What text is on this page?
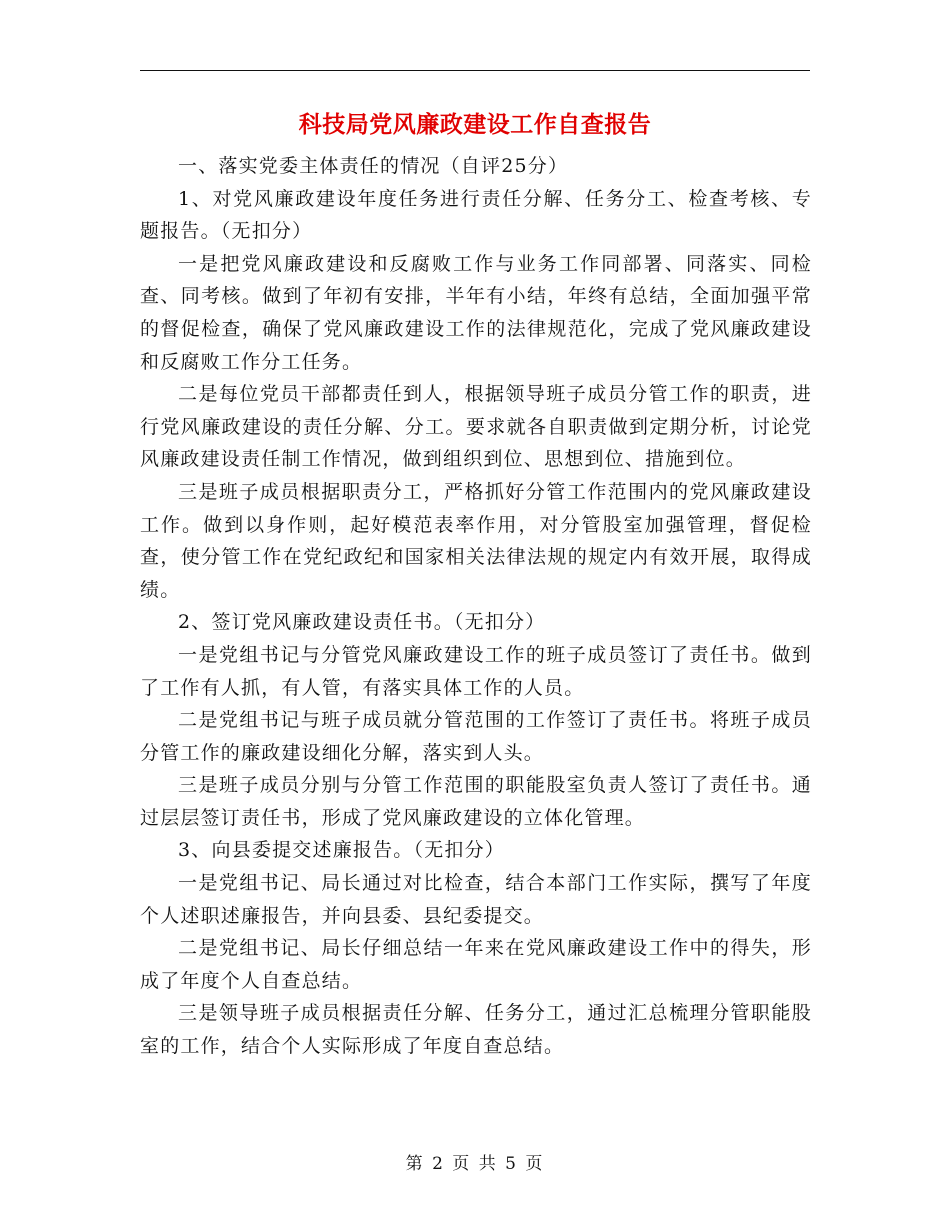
科技局党风廉政建设工作自查报告

一、落实党委主体责任的情况（自评25分）

1、对党风廉政建设年度任务进行责任分解、任务分工、检查考核、专题报告。（无扣分）

一是把党风廉政建设和反腐败工作与业务工作同部署、同落实、同检查、同考核。做到了年初有安排，半年有小结，年终有总结，全面加强平常的督促检查，确保了党风廉政建设工作的法律规范化，完成了党风廉政建设和反腐败工作分工任务。

二是每位党员干部都责任到人，根据领导班子成员分管工作的职责，进行党风廉政建设的责任分解、分工。要求就各自职责做到定期分析，讨论党风廉政建设责任制工作情况，做到组织到位、思想到位、措施到位。

三是班子成员根据职责分工，严格抓好分管工作范围内的党风廉政建设工作。做到以身作则，起好模范表率作用，对分管股室加强管理，督促检查，使分管工作在党纪政纪和国家相关法律法规的规定内有效开展，取得成绩。

2、签订党风廉政建设责任书。（无扣分）

一是党组书记与分管党风廉政建设工作的班子成员签订了责任书。做到了工作有人抓，有人管，有落实具体工作的人员。

二是党组书记与班子成员就分管范围的工作签订了责任书。将班子成员分管工作的廉政建设细化分解，落实到人头。

三是班子成员分别与分管工作范围的职能股室负责人签订了责任书。通过层层签订责任书，形成了党风廉政建设的立体化管理。

3、向县委提交述廉报告。（无扣分）

一是党组书记、局长通过对比检查，结合本部门工作实际，撰写了年度个人述职述廉报告，并向县委、县纪委提交。

二是党组书记、局长仔细总结一年来在党风廉政建设工作中的得失，形成了年度个人自查总结。

三是领导班子成员根据责任分解、任务分工，通过汇总梳理分管职能股室的工作，结合个人实际形成了年度自查总结。

第 2 页 共 5 页
